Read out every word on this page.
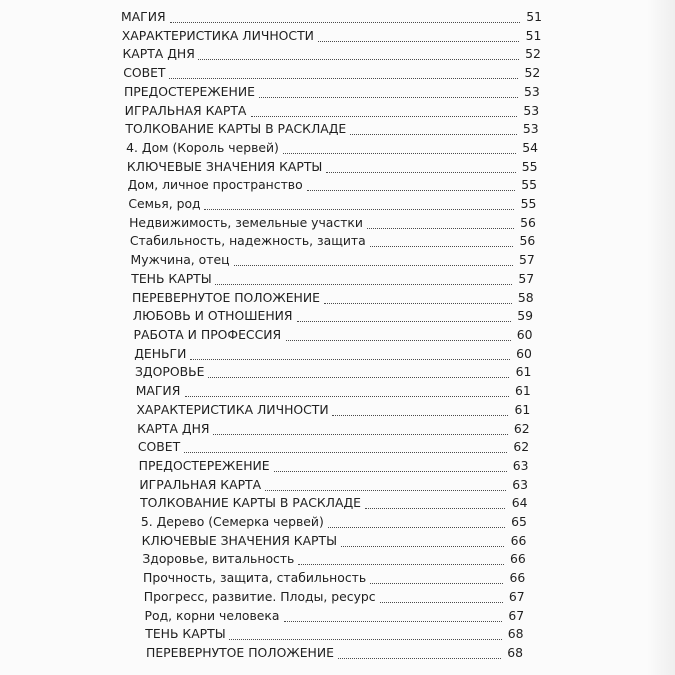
МАГИЯ	51
ХАРАКТЕРИСТИКА ЛИЧНОСТИ	51
КАРТА ДНЯ	52
СОВЕТ	52
ПРЕДОСТЕРЕЖЕНИЕ	53
ИГРАЛЬНАЯ КАРТА	53
ТОЛКОВАНИЕ КАРТЫ В РАСКЛАДЕ	53
4. Дом (Король червей)	54
КЛЮЧЕВЫЕ ЗНАЧЕНИЯ КАРТЫ	55
Дом, личное пространство	55
Семья, род	55
Недвижимость, земельные участки	56
Стабильность, надежность, защита	56
Мужчина, отец	57
ТЕНЬ КАРТЫ	57
ПЕРЕВЕРНУТОЕ ПОЛОЖЕНИЕ	58
ЛЮБОВЬ И ОТНОШЕНИЯ	59
РАБОТА И ПРОФЕССИЯ	60
ДЕНЬГИ	60
ЗДОРОВЬЕ	61
МАГИЯ	61
ХАРАКТЕРИСТИКА ЛИЧНОСТИ	61
КАРТА ДНЯ	62
СОВЕТ	62
ПРЕДОСТЕРЕЖЕНИЕ	63
ИГРАЛЬНАЯ КАРТА	63
ТОЛКОВАНИЕ КАРТЫ В РАСКЛАДЕ	64
5. Дерево (Семерка червей)	65
КЛЮЧЕВЫЕ ЗНАЧЕНИЯ КАРТЫ	66
Здоровье, витальность	66
Прочность, защита, стабильность	66
Прогресс, развитие. Плоды, ресурс	67
Род, корни человека	67
ТЕНЬ КАРТЫ	68
ПЕРЕВЕРНУТОЕ ПОЛОЖЕНИЕ	68
